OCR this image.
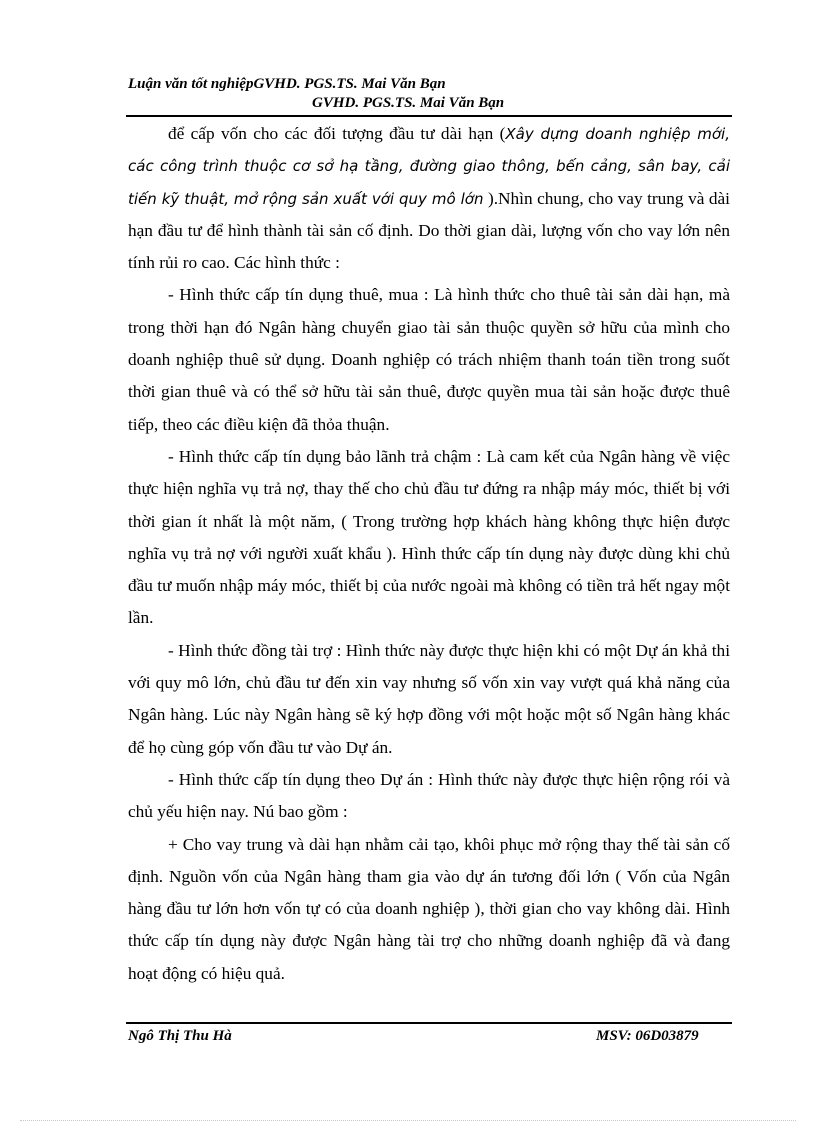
Luận văn tốt nghiệpGVHD. PGS.TS. Mai Văn Bạn
GVHD. PGS.TS. Mai Văn Bạn

để cấp vốn cho các đối tượng đầu tư dài hạn (Xây dựng doanh nghiệp mới, các công trình thuộc cơ sở hạ tầng, đường giao thông, bến cảng, sân bay, cải tiến kỹ thuật, mở rộng sản xuất với quy mô lớn ).Nhìn chung, cho vay trung và dài hạn đầu tư để hình thành tài sản cố định. Do thời gian dài, lượng vốn cho vay lớn nên tính rủi ro cao. Các hình thức :

- Hình thức cấp tín dụng thuê, mua : Là hình thức cho thuê tài sản dài hạn, mà trong thời hạn đó Ngân hàng chuyển giao tài sản thuộc quyền sở hữu của mình cho doanh nghiệp thuê sử dụng. Doanh nghiệp có trách nhiệm thanh toán tiền trong suốt thời gian thuê và có thể sở hữu tài sản thuê, được quyền mua tài sản hoặc được thuê tiếp, theo các điều kiện đã thỏa thuận.

- Hình thức cấp tín dụng bảo lãnh trả chậm : Là cam kết của Ngân hàng về việc thực hiện nghĩa vụ trả nợ, thay thế cho chủ đầu tư đứng ra nhập máy móc, thiết bị với thời gian ít nhất là một năm, ( Trong trường hợp khách hàng không thực hiện được nghĩa vụ trả nợ với người xuất khẩu ). Hình thức cấp tín dụng này được dùng khi chủ đầu tư muốn nhập máy móc, thiết bị của nước ngoài mà không có tiền trả hết ngay một lần.

- Hình thức đồng tài trợ : Hình thức này được thực hiện khi có một Dự án khả thi với quy mô lớn, chủ đầu tư đến xin vay nhưng số vốn xin vay vượt quá khả năng của Ngân hàng. Lúc này Ngân hàng sẽ ký hợp đồng với một hoặc một số Ngân hàng khác để họ cùng góp vốn đầu tư vào Dự án.

- Hình thức cấp tín dụng theo Dự án : Hình thức này được thực hiện rộng rói và chủ yếu hiện nay. Nú bao gồm :

+ Cho vay trung và dài hạn nhằm cải tạo, khôi phục mở rộng thay thế tài sản cố định. Nguồn vốn của Ngân hàng tham gia vào dự án tương đối lớn ( Vốn của Ngân hàng đầu tư lớn hơn vốn tự có của doanh nghiệp ), thời gian cho vay không dài. Hình thức cấp tín dụng này được Ngân hàng tài trợ cho những doanh nghiệp đã và đang hoạt động có hiệu quả.

Ngô Thị Thu Hà	MSV: 06D03879
